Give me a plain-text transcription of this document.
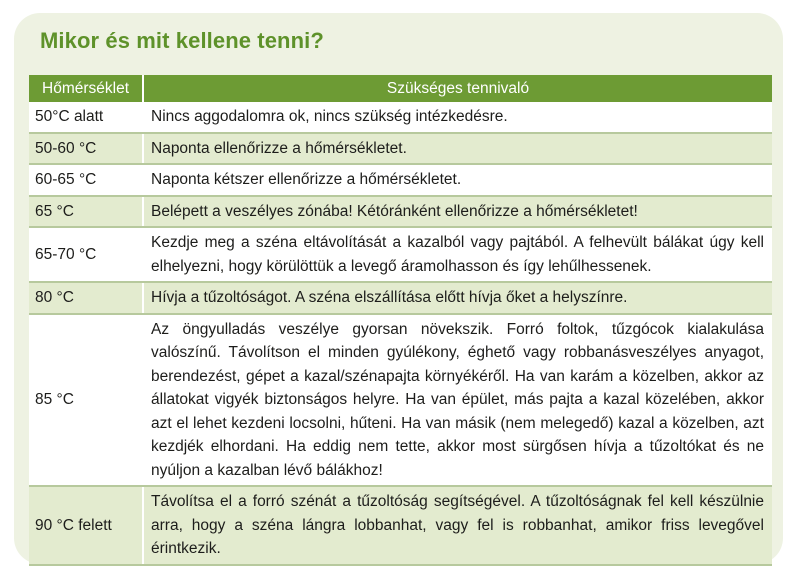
Mikor és mit kellene tenni?
Hőmérséklet	Szükséges tennivaló
50°C alatt	Nincs aggodalomra ok, nincs szükség intézkedésre.
50-60 °C	Naponta ellenőrizze a hőmérsékletet.
60-65 °C	Naponta kétszer ellenőrizze a hőmérsékletet.
65 °C	Belépett a veszélyes zónába! Kétóránként ellenőrizze a hőmérsékletet!
65-70 °C	Kezdje meg a széna eltávolítását a kazalból vagy pajtából. A felhevült bálákat úgy kell elhelyezni, hogy körülöttük a levegő áramolhasson és így lehűlhessenek.
80 °C	Hívja a tűzoltóságot. A széna elszállítása előtt hívja őket a helyszínre.
85 °C	Az öngyulladás veszélye gyorsan növekszik. Forró foltok, tűzgócok kialakulása valószínű. Távolítson el minden gyúlékony, éghető vagy robbanásveszélyes anyagot, berendezést, gépet a kazal/szénapajta környékéről. Ha van karám a közelben, akkor az állatokat vigyék biztonságos helyre. Ha van épület, más pajta a kazal közelében, akkor azt el lehet kezdeni locsolni, hűteni. Ha van másik (nem melegedő) kazal a közelben, azt kezdjék elhordani. Ha eddig nem tette, akkor most sürgősen hívja a tűzoltókat és ne nyúljon a kazalban lévő bálákhoz!
90 °C felett	Távolítsa el a forró szénát a tűzoltóság segítségével. A tűzoltóságnak fel kell készülnie arra, hogy a széna lángra lobbanhat, vagy fel is robbanhat, amikor friss levegővel érintkezik.
